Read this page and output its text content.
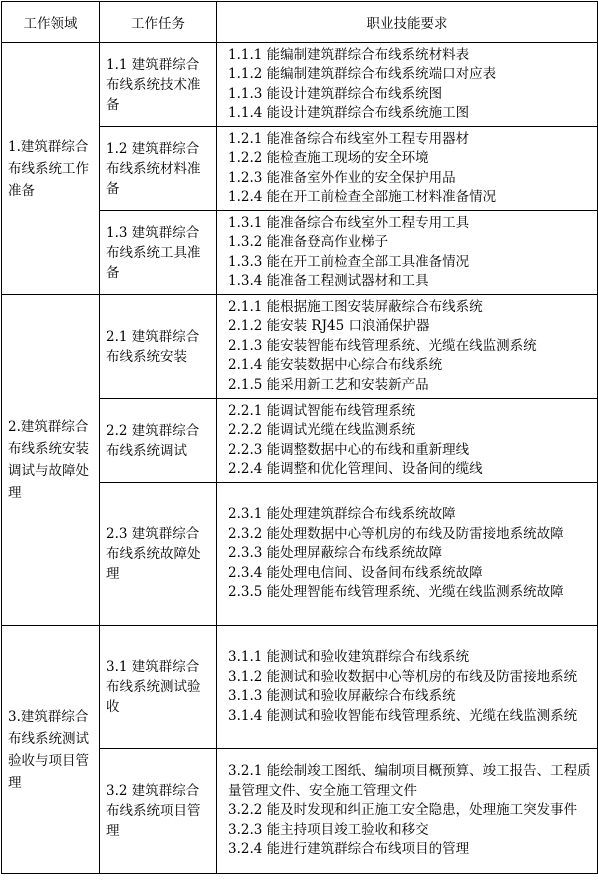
工作领域	工作任务	职业技能要求
1.建筑群综合布线系统工作准备	1.1 建筑群综合布线系统技术准备	1.1.1 能编制建筑群综合布线系统材料表
1.1.2 能编制建筑群综合布线系统端口对应表
1.1.3 能设计建筑群综合布线系统图
1.1.4 能设计建筑群综合布线系统施工图

	1.2 建筑群综合布线系统材料准备	1.2.1 能准备综合布线室外工程专用器材
1.2.2 能检查施工现场的安全环境
1.2.3 能准备室外作业的安全保护用品
1.2.4 能在开工前检查全部施工材料准备情况

	1.3 建筑群综合布线系统工具准备	1.3.1 能准备综合布线室外工程专用工具
1.3.2 能准备登高作业梯子
1.3.3 能在开工前检查全部工具准备情况
1.3.4 能准备工程测试器材和工具

2.建筑群综合布线系统安装调试与故障处理	2.1 建筑群综合布线系统安装	2.1.1 能根据施工图安装屏蔽综合布线系统
2.1.2 能安装 RJ45 口浪涌保护器
2.1.3 能安装智能布线管理系统、光缆在线监测系统
2.1.4 能安装数据中心综合布线系统
2.1.5 能采用新工艺和安装新产品

	2.2 建筑群综合布线系统调试	2.2.1 能调试智能布线管理系统
2.2.2 能调试光缆在线监测系统
2.2.3 能调整数据中心的布线和重新理线
2.2.4 能调整和优化管理间、设备间的缆线

	2.3 建筑群综合布线系统故障处理	2.3.1 能处理建筑群综合布线系统故障
2.3.2 能处理数据中心等机房的布线及防雷接地系统故障
2.3.3 能处理屏蔽综合布线系统故障
2.3.4 能处理电信间、设备间布线系统故障
2.3.5 能处理智能布线管理系统、光缆在线监测系统故障

3.建筑群综合布线系统测试验收与项目管理	3.1 建筑群综合布线系统测试验收	3.1.1 能测试和验收建筑群综合布线系统
3.1.2 能测试和验收数据中心等机房的布线及防雷接地系统
3.1.3 能测试和验收屏蔽综合布线系统
3.1.4 能测试和验收智能布线管理系统、光缆在线监测系统

	3.2 建筑群综合布线系统项目管理	3.2.1 能绘制竣工图纸、编制项目概预算、竣工报告、工程质量管理文件、安全施工管理文件
3.2.2 能及时发现和纠正施工安全隐患，处理施工突发事件
3.2.3 能主持项目竣工验收和移交
3.2.4 能进行建筑群综合布线项目的管理
